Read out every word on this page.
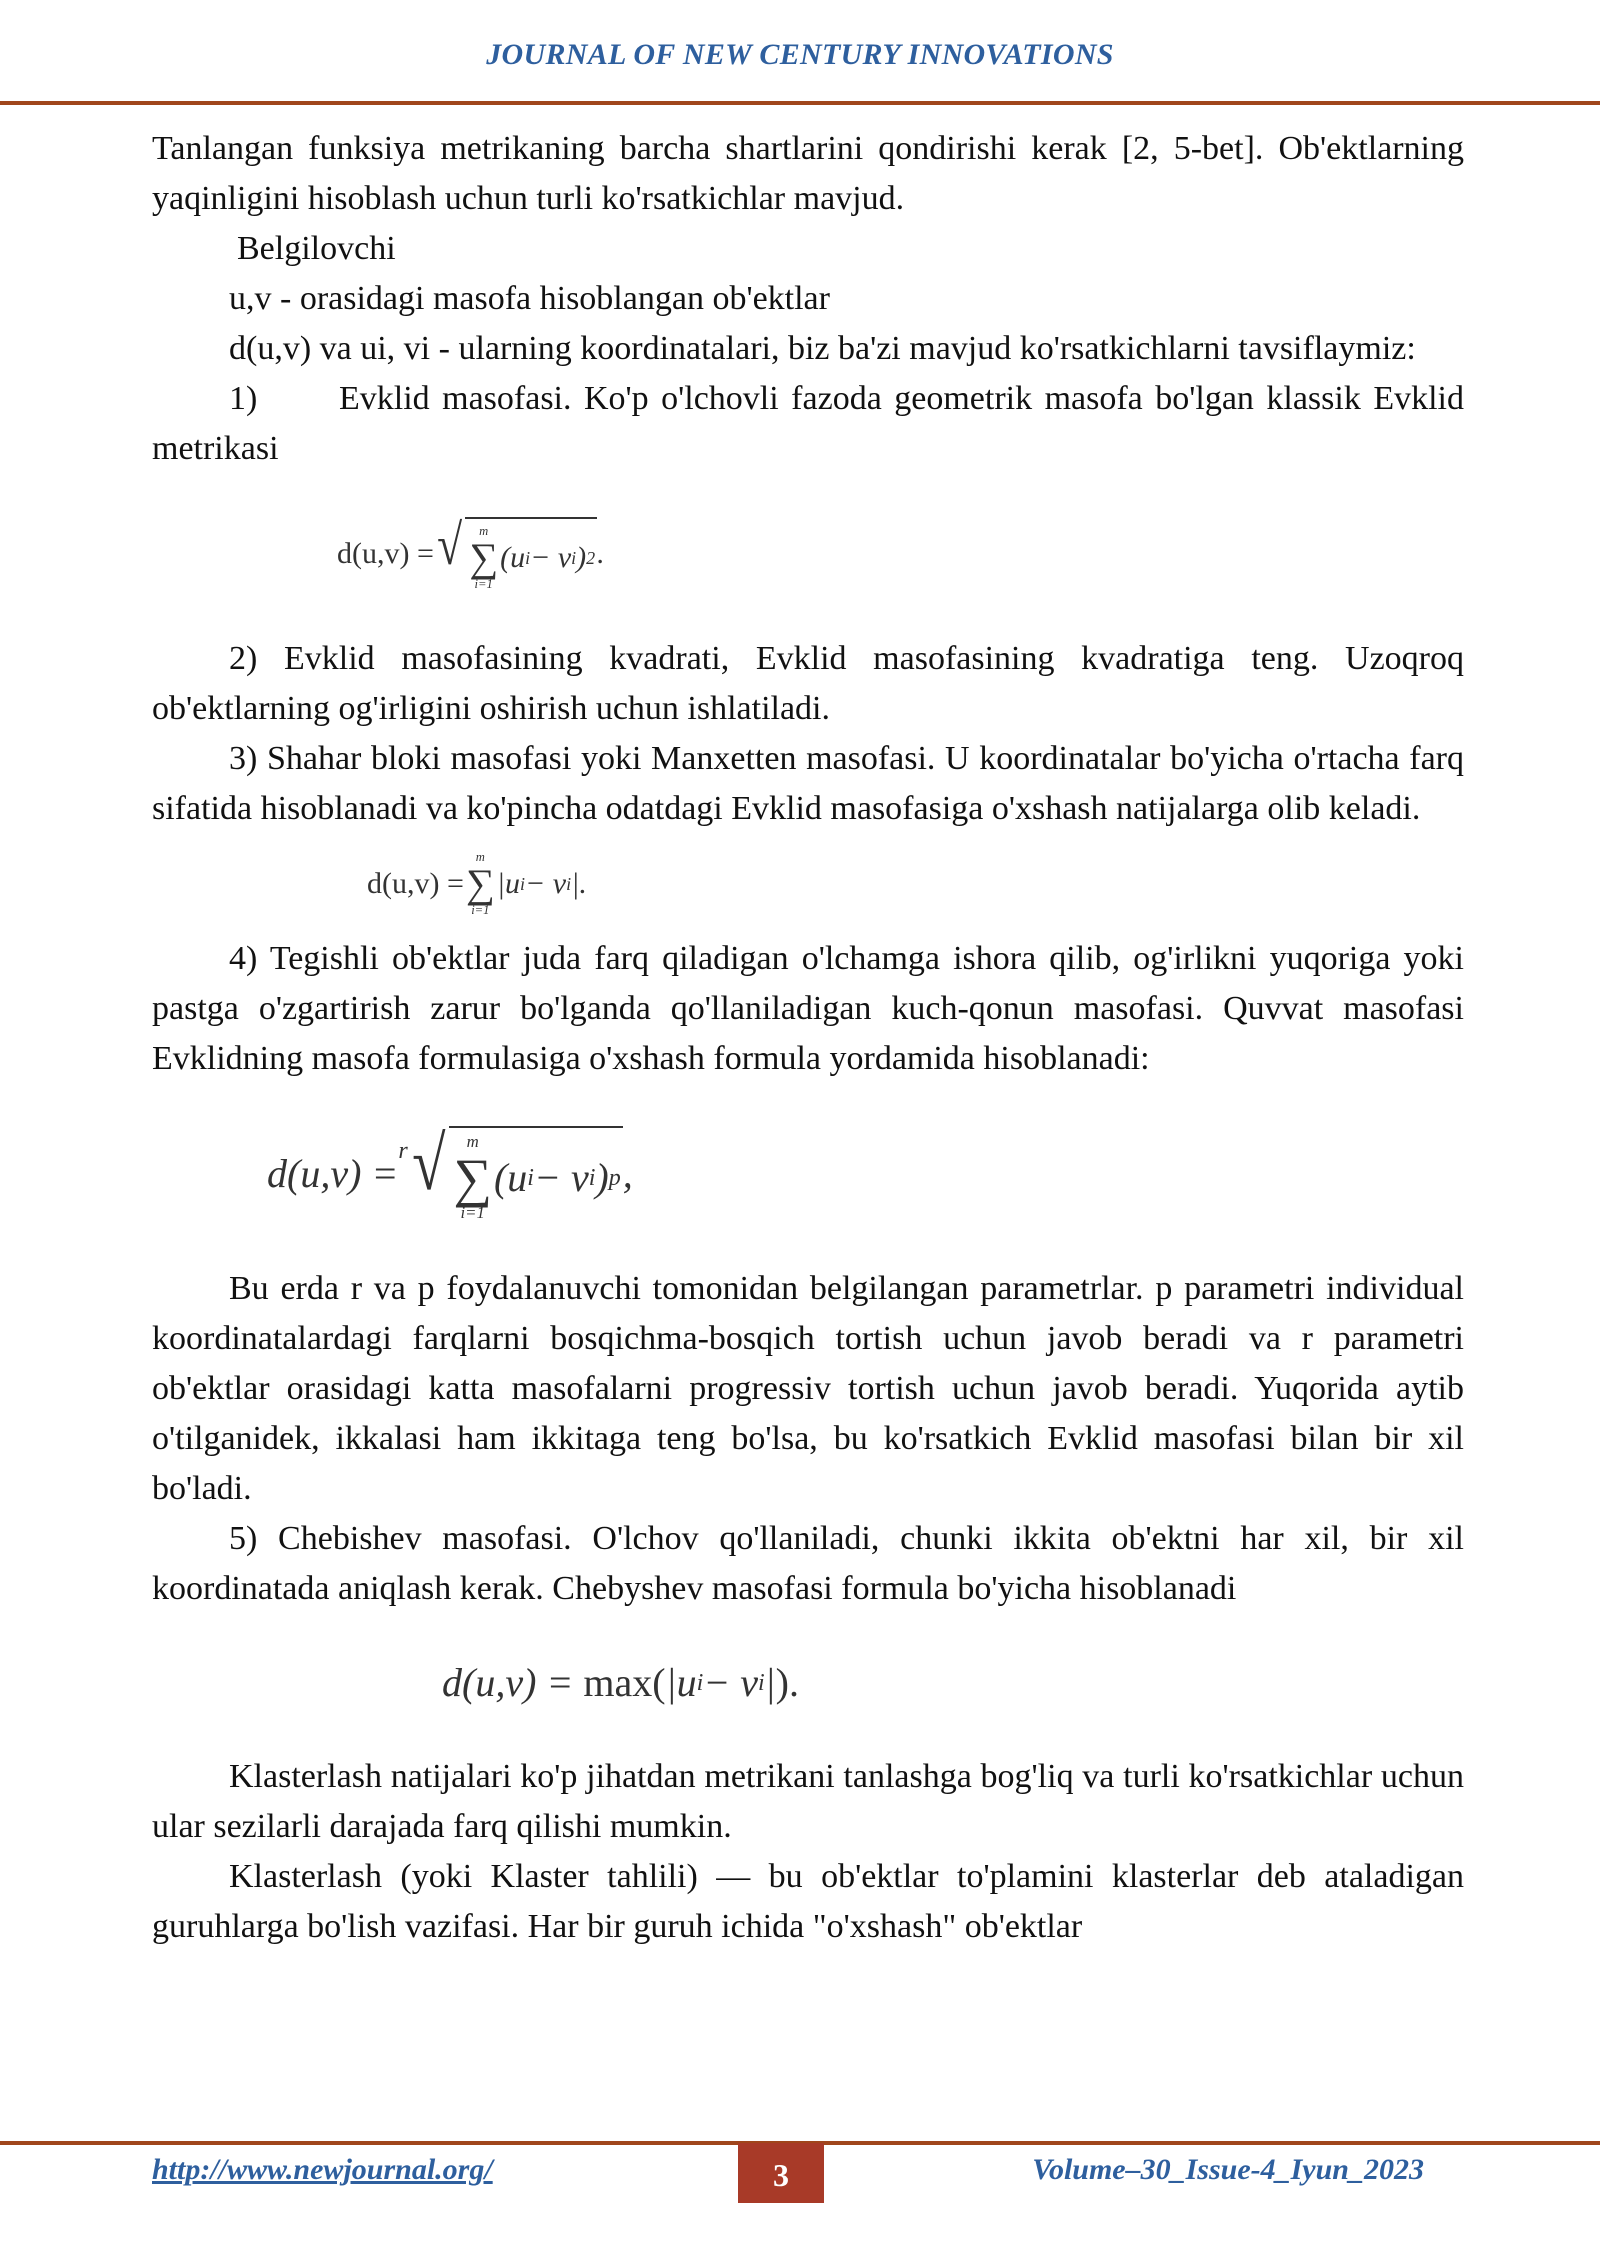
JOURNAL OF NEW CENTURY INNOVATIONS

Tanlangan funksiya metrikaning barcha shartlarini qondirishi kerak [2, 5-bet]. Ob'ektlarning yaqinligini hisoblash uchun turli ko'rsatkichlar mavjud.

Belgilovchi

u,v - orasidagi masofa hisoblangan ob'ektlar

d(u,v) va ui, vi - ularning koordinatalari, biz ba'zi mavjud ko'rsatkichlarni tavsiflaymiz:

1) Evklid masofasi. Ko'p o'lchovli fazoda geometrik masofa bo'lgan klassik Evklid metrikasi

d(u,v) = √ m
∑
i=1
(u i − v i ) 2 .

2) Evklid masofasining kvadrati, Evklid masofasining kvadratiga teng. Uzoqroq ob'ektlarning og'irligini oshirish uchun ishlatiladi.

3) Shahar bloki masofasi yoki Manxetten masofasi. U koordinatalar bo'yicha o'rtacha farq sifatida hisoblanadi va ko'pincha odatdagi Evklid masofasiga o'xshash natijalarga olib keladi.

d(u,v) =
m
∑
i=1
|u i − v i | .

4) Tegishli ob'ektlar juda farq qiladigan o'lchamga ishora qilib, og'irlikni yuqoriga yoki pastga o'zgartirish zarur bo'lganda qo'llaniladigan kuch-qonun masofasi. Quvvat masofasi Evklidning masofa formulasiga o'xshash formula yordamida hisoblanadi:

d(u,v) = r √ m
∑
i=1
(u i − v i ) p ,

Bu erda r va p foydalanuvchi tomonidan belgilangan parametrlar. p parametri individual koordinatalardagi farqlarni bosqichma-bosqich tortish uchun javob beradi va r parametri ob'ektlar orasidagi katta masofalarni progressiv tortish uchun javob beradi. Yuqorida aytib o'tilganidek, ikkalasi ham ikkitaga teng bo'lsa, bu ko'rsatkich Evklid masofasi bilan bir xil bo'ladi.

5) Chebishev masofasi. O'lchov qo'llaniladi, chunki ikkita ob'ektni har xil, bir xil koordinatada aniqlash kerak. Chebyshev masofasi formula bo'yicha hisoblanadi

d(u,v) =
max( |u i − v i | ).

Klasterlash natijalari ko'p jihatdan metrikani tanlashga bog'liq va turli ko'rsatkichlar uchun ular sezilarli darajada farq qilishi mumkin.

Klasterlash (yoki Klaster tahlili) — bu ob'ektlar to'plamini klasterlar deb ataladigan guruhlarga bo'lish vazifasi. Har bir guruh ichida "o'xshash" ob'ektlar

http://www.newjournal.org/	3	Volume–30_Issue-4_Iyun_2023
